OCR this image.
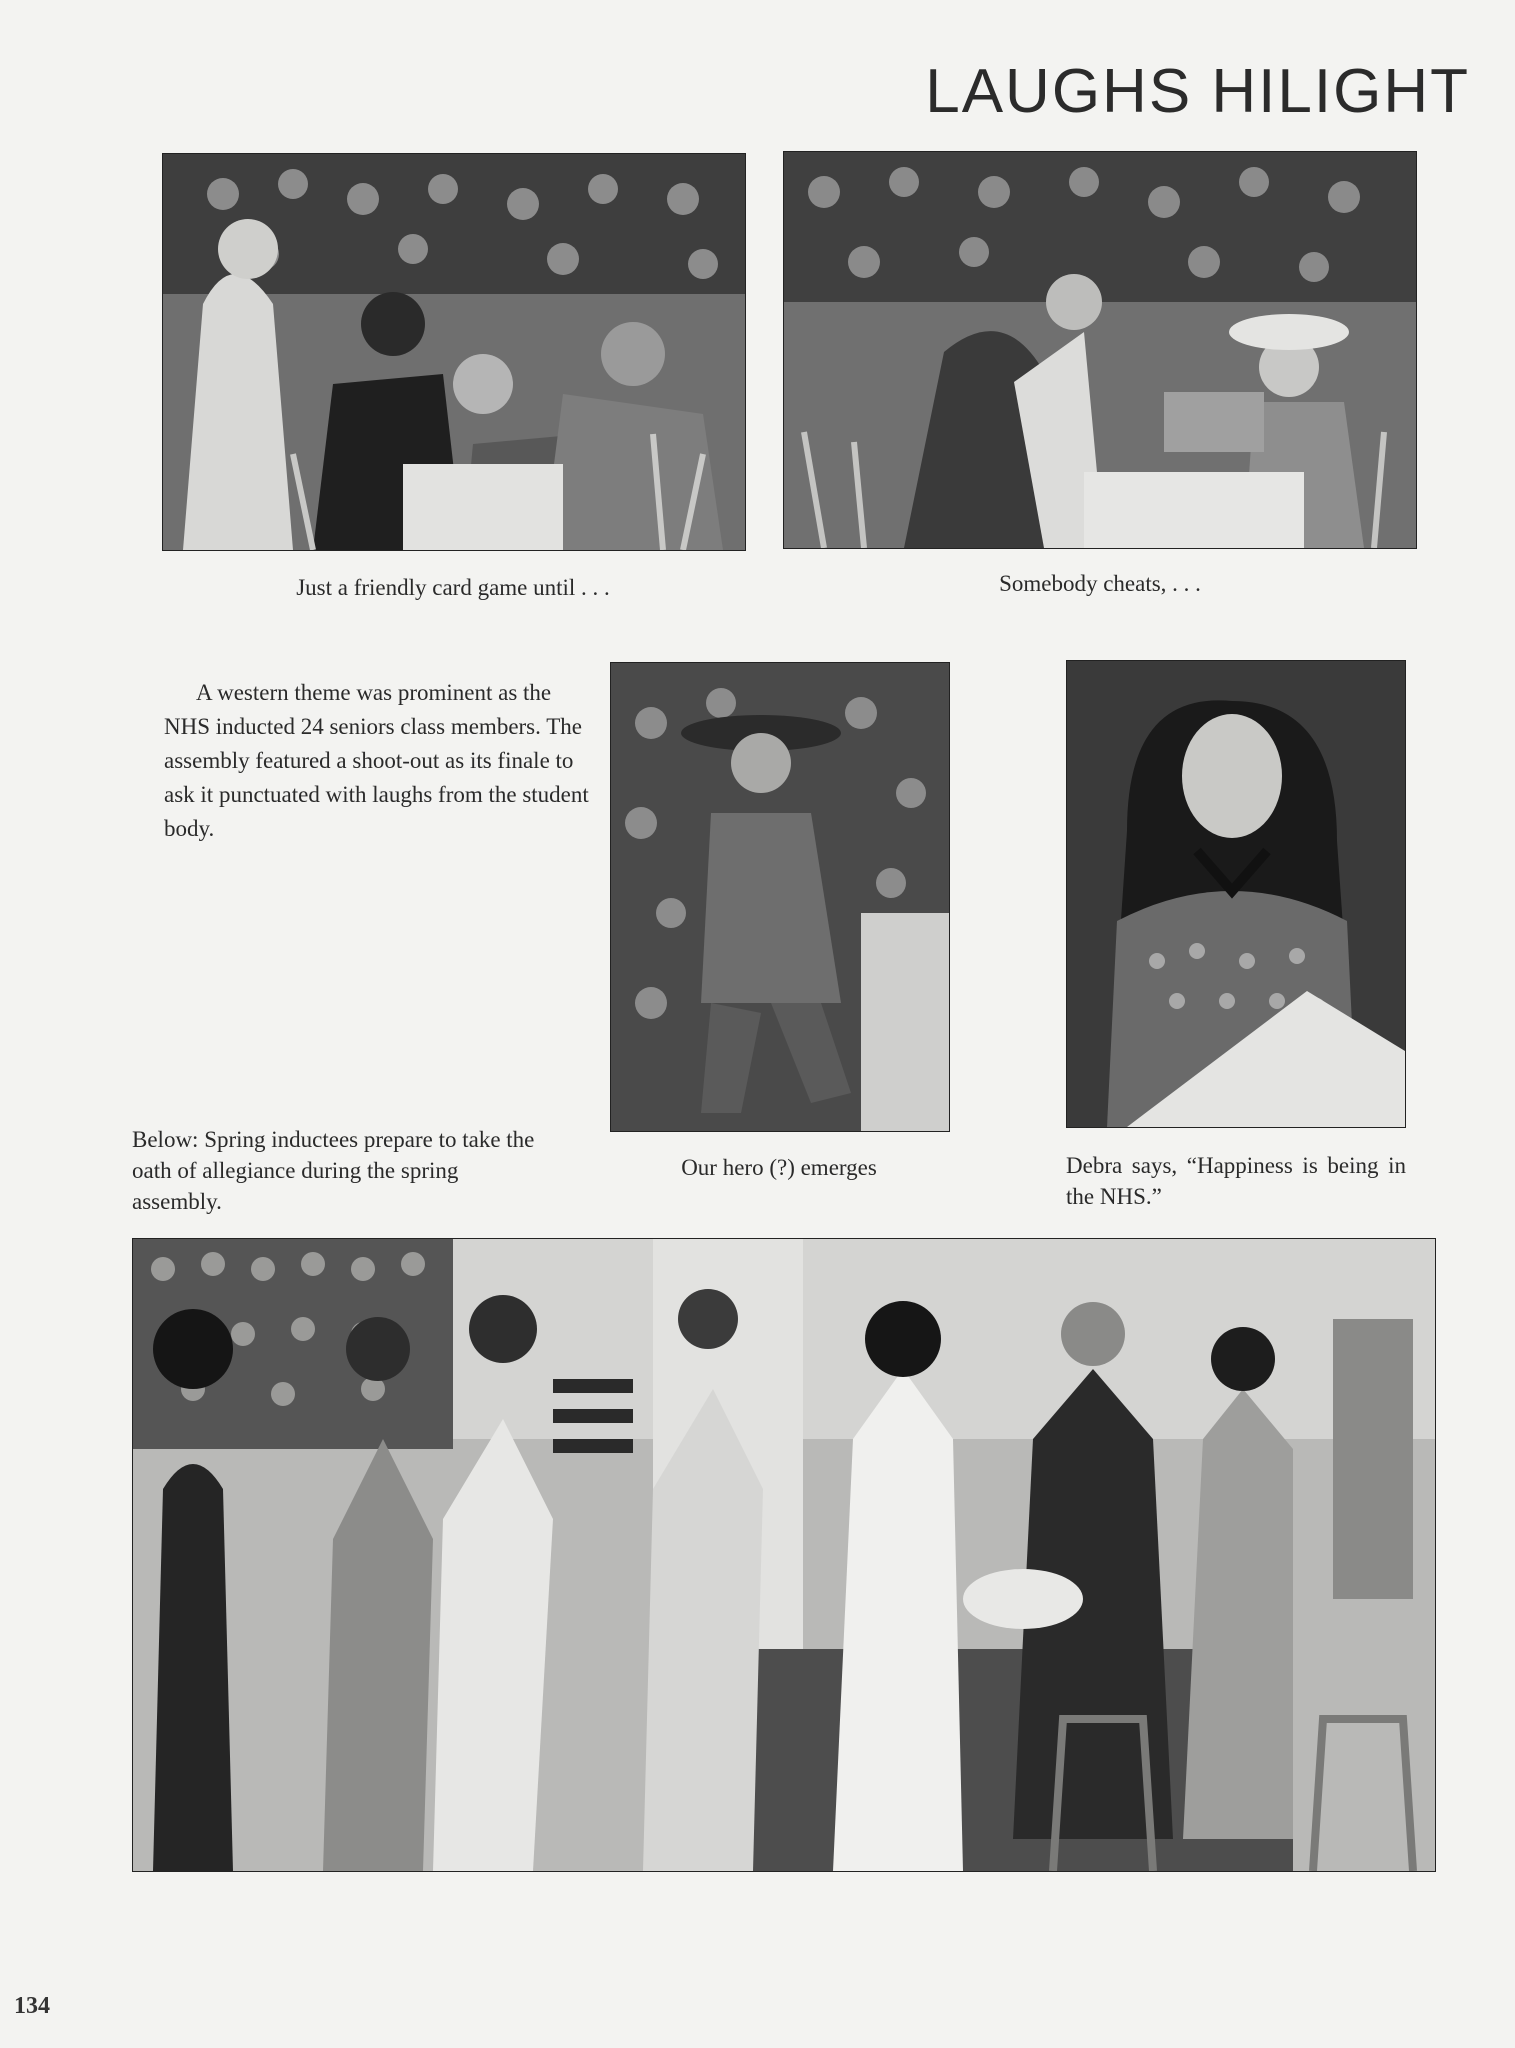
LAUGHS HILIGHT
Just a friendly card game until . . .	Somebody cheats, . . .
A western theme was prominent as the NHS inducted 24 seniors class members. The assembly featured a shoot-out as its finale to ask it punctuated with laughs from the student body.
Our hero (?) emerges	Debra says, “Happiness is being in the NHS.”
Below: Spring inductees prepare to take the oath of allegiance during the spring assembly.
134
